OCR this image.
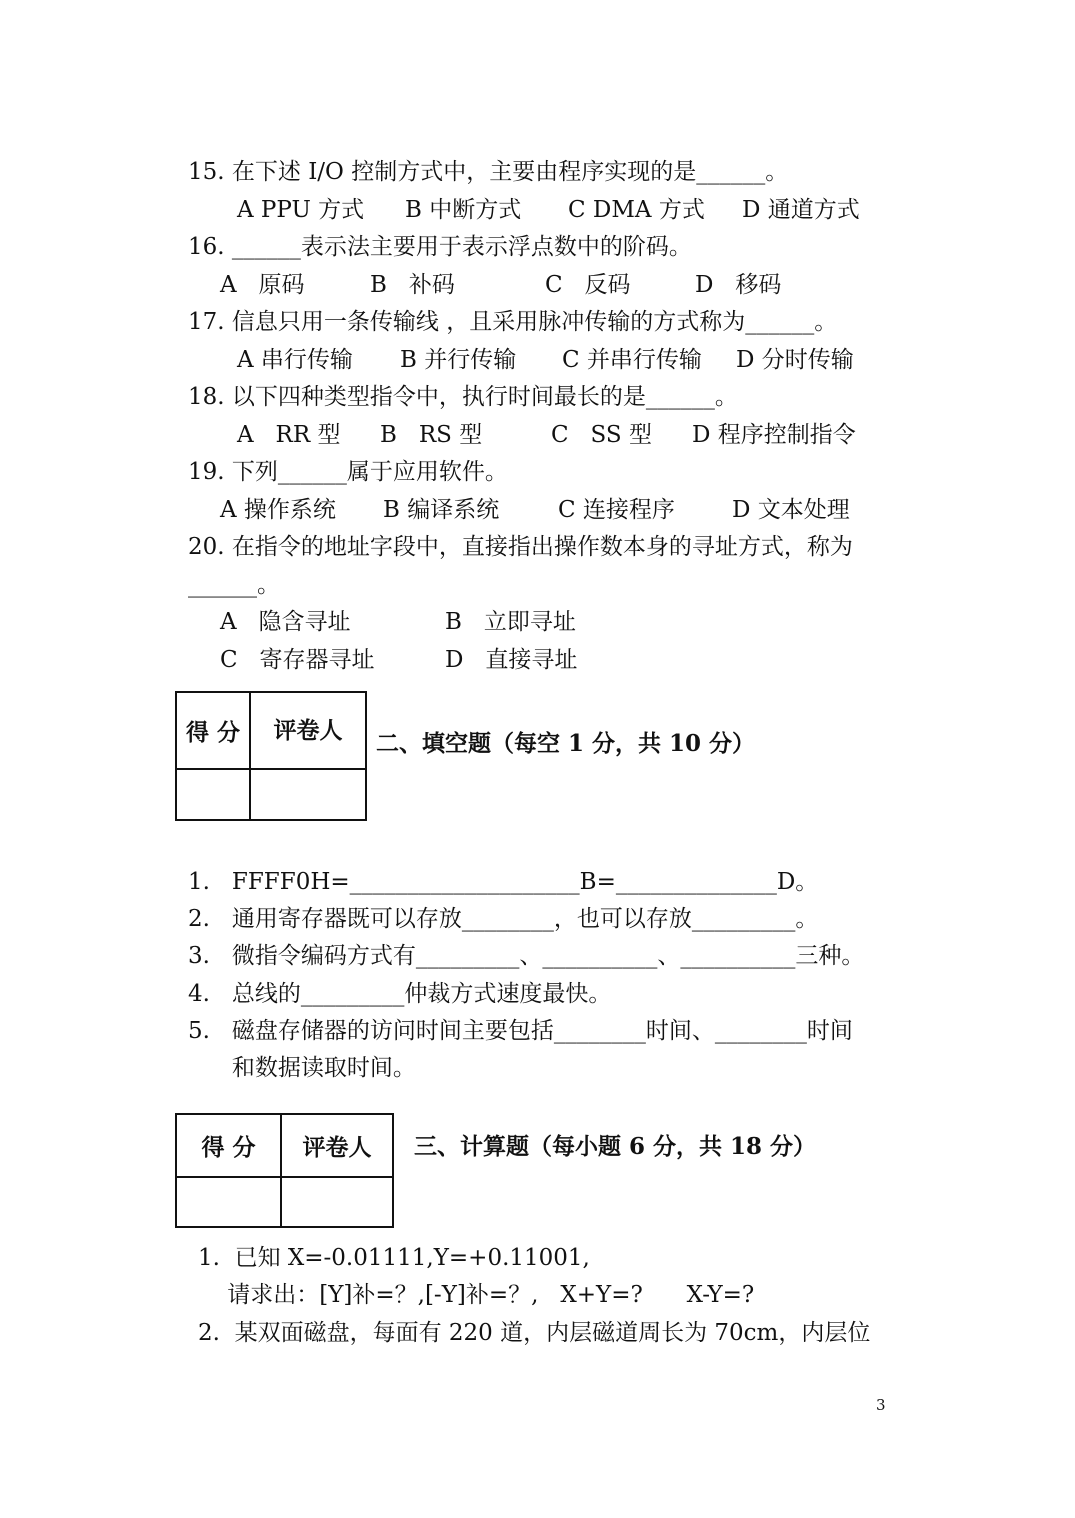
15. 在下述 I/O 控制方式中，主要由程序实现的是______。
A PPU 方式 B 中断方式 C DMA 方式 D 通道方式
16. ______表示法主要用于表示浮点数中的阶码。
A   原码	B   补码	C   反码	D   移码
17. 信息只用一条传输线 ，且采用脉冲传输的方式称为______。
A 串行传输 B 并行传输 C 并串行传输 D 分时传输
18. 以下四种类型指令中，执行时间最长的是______。
A   RR 型 B   RS 型	C   SS 型 D 程序控制指令
19. 下列______属于应用软件。
A 操作系统 B 编译系统	C 连接程序 D 文本处理
20. 在指令的地址字段中，直接指出操作数本身的寻址方式，称为
______。
A   隐含寻址	B   立即寻址
C   寄存器寻址	D   直接寻址
得 分	评卷人
	二、填空题（每空 1 分，共 10 分）
1.   FFFF0H=____________________B=______________D。
2.   通用寄存器既可以存放________，也可以存放_________。
3.   微指令编码方式有_________、__________、__________三种。
4.   总线的_________仲裁方式速度最快。
5.   磁盘存储器的访问时间主要包括________时间、________时间
和数据读取时间。
得 分	评卷人
	三、计算题（每小题 6 分，共 18 分）
1.  已知 X=-0.01111,Y=+0.11001,
请求出：[Y]补=？,[-Y]补=？,   X+Y=?      X-Y=?
2.  某双面磁盘，每面有 220 道，内层磁道周长为 70cm，内层位
3
